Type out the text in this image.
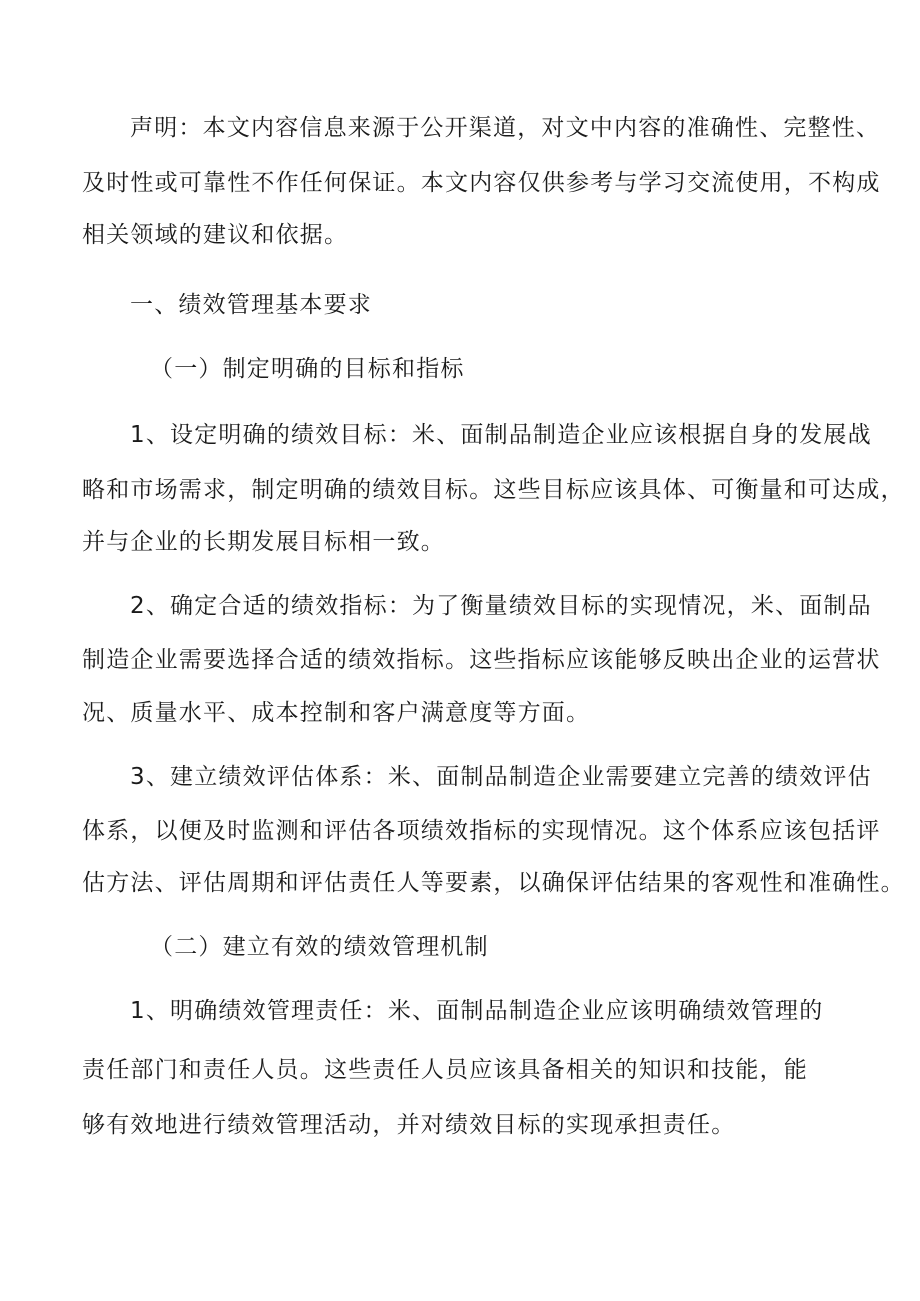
声明：本文内容信息来源于公开渠道，对文中内容的准确性、完整性、
及时性或可靠性不作任何保证。本文内容仅供参考与学习交流使用，不构成
相关领域的建议和依据。
一、绩效管理基本要求
（一）制定明确的目标和指标
1、设定明确的绩效目标：米、面制品制造企业应该根据自身的发展战
略和市场需求，制定明确的绩效目标。这些目标应该具体、可衡量和可达成，
并与企业的长期发展目标相一致。
2、确定合适的绩效指标：为了衡量绩效目标的实现情况，米、面制品
制造企业需要选择合适的绩效指标。这些指标应该能够反映出企业的运营状
况、质量水平、成本控制和客户满意度等方面。
3、建立绩效评估体系：米、面制品制造企业需要建立完善的绩效评估
体系，以便及时监测和评估各项绩效指标的实现情况。这个体系应该包括评
估方法、评估周期和评估责任人等要素，以确保评估结果的客观性和准确性。
（二）建立有效的绩效管理机制
1、明确绩效管理责任：米、面制品制造企业应该明确绩效管理的
责任部门和责任人员。这些责任人员应该具备相关的知识和技能，能
够有效地进行绩效管理活动，并对绩效目标的实现承担责任。
